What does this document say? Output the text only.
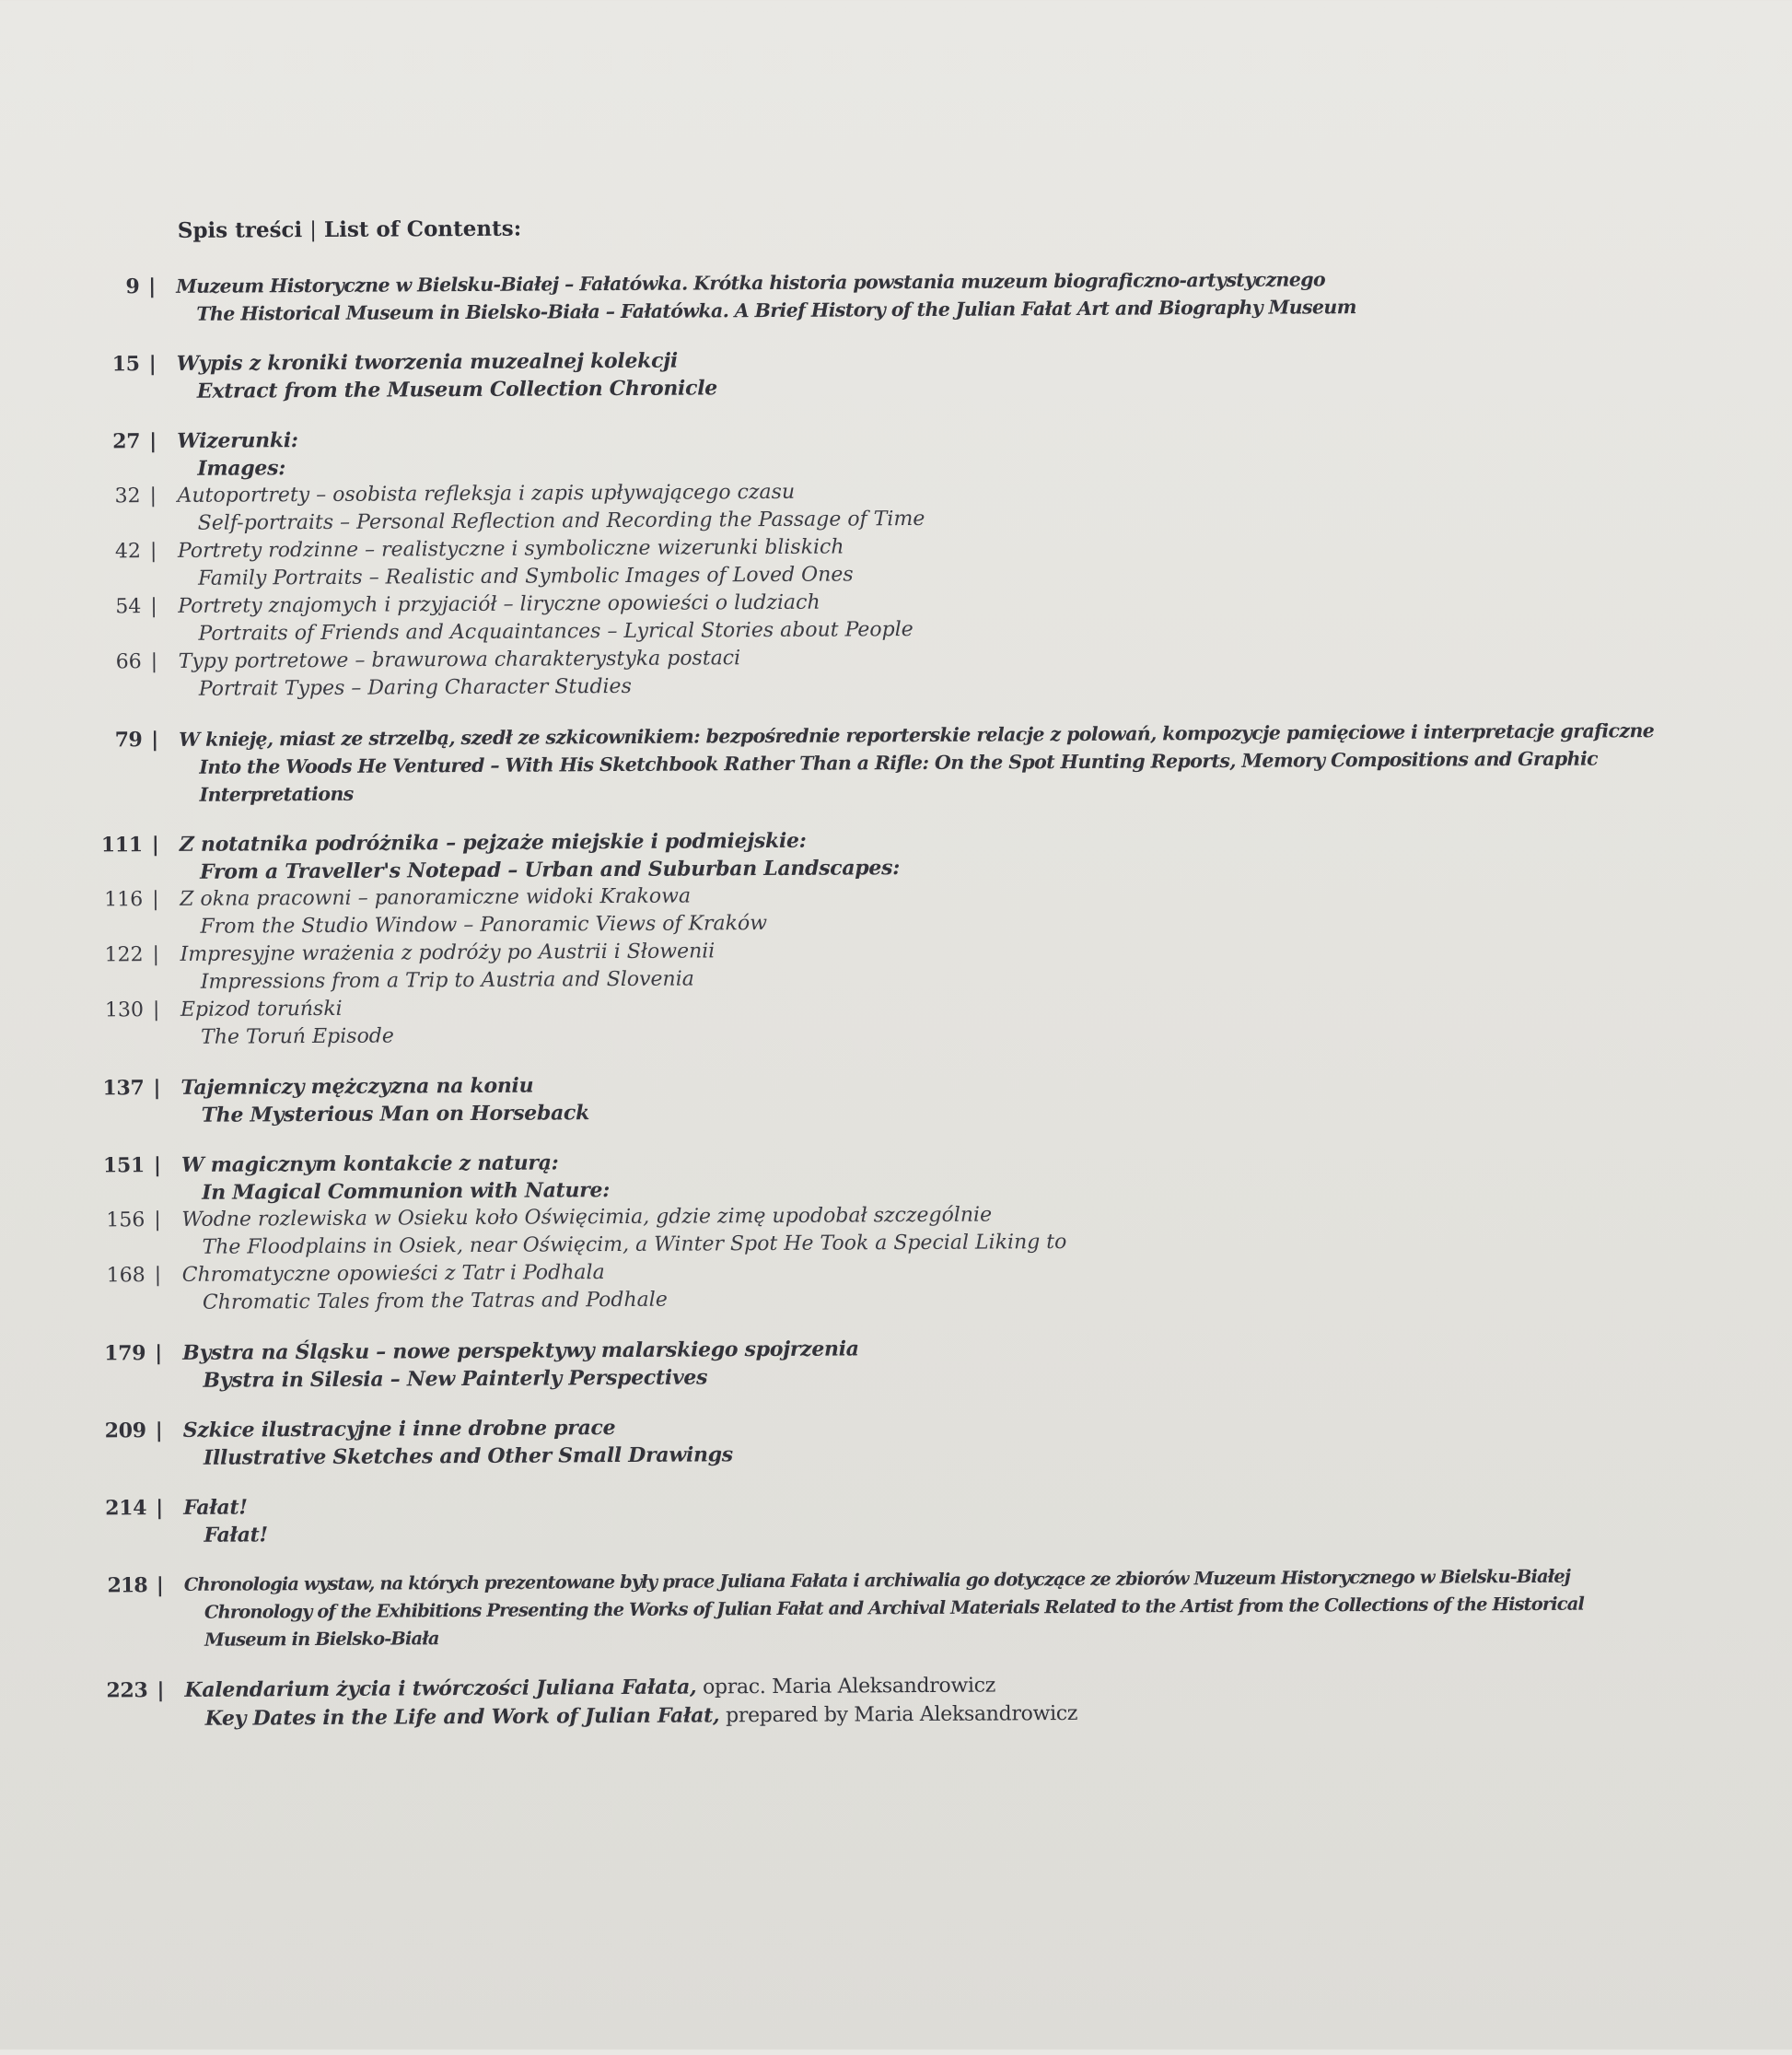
Spis treści | List of Contents:
9 | Muzeum Historyczne w Bielsku-Białej – Fałatówka. Krótka historia powstania muzeum biograficzno-artystycznego
The Historical Museum in Bielsko-Biała – Fałatówka. A Brief History of the Julian Fałat Art and Biography Museum
15 | Wypis z kroniki tworzenia muzealnej kolekcji
Extract from the Museum Collection Chronicle
27 | Wizerunki:
Images:
32 | Autoportrety – osobista refleksja i zapis upływającego czasu
Self-portraits – Personal Reflection and Recording the Passage of Time
42 | Portrety rodzinne – realistyczne i symboliczne wizerunki bliskich
Family Portraits – Realistic and Symbolic Images of Loved Ones
54 | Portrety znajomych i przyjaciół – liryczne opowieści o ludziach
Portraits of Friends and Acquaintances – Lyrical Stories about People
66 | Typy portretowe – brawurowa charakterystyka postaci
Portrait Types – Daring Character Studies
79 | W knieję, miast ze strzelbą, szedł ze szkicownikiem: bezpośrednie reporterskie relacje z polowań, kompozycje pamięciowe i interpretacje graficzne
Into the Woods He Ventured – With His Sketchbook Rather Than a Rifle: On the Spot Hunting Reports, Memory Compositions and Graphic
Interpretations
111 | Z notatnika podróżnika – pejzaże miejskie i podmiejskie:
From a Traveller's Notepad – Urban and Suburban Landscapes:
116 | Z okna pracowni – panoramiczne widoki Krakowa
From the Studio Window – Panoramic Views of Kraków
122 | Impresyjne wrażenia z podróży po Austrii i Słowenii
Impressions from a Trip to Austria and Slovenia
130 | Epizod toruński
The Toruń Episode
137 | Tajemniczy mężczyzna na koniu
The Mysterious Man on Horseback
151 | W magicznym kontakcie z naturą:
In Magical Communion with Nature:
156 | Wodne rozlewiska w Osieku koło Oświęcimia, gdzie zimę upodobał szczególnie
The Floodplains in Osiek, near Oświęcim, a Winter Spot He Took a Special Liking to
168 | Chromatyczne opowieści z Tatr i Podhala
Chromatic Tales from the Tatras and Podhale
179 | Bystra na Śląsku – nowe perspektywy malarskiego spojrzenia
Bystra in Silesia – New Painterly Perspectives
209 | Szkice ilustracyjne i inne drobne prace
Illustrative Sketches and Other Small Drawings
214 | Fałat!
Fałat!
218 | Chronologia wystaw, na których prezentowane były prace Juliana Fałata i archiwalia go dotyczące ze zbiorów Muzeum Historycznego w Bielsku-Białej
Chronology of the Exhibitions Presenting the Works of Julian Fałat and Archival Materials Related to the Artist from the Collections of the Historical
Museum in Bielsko-Biała
223 | Kalendarium życia i twórczości Juliana Fałata, oprac. Maria Aleksandrowicz
Key Dates in the Life and Work of Julian Fałat, prepared by Maria Aleksandrowicz
